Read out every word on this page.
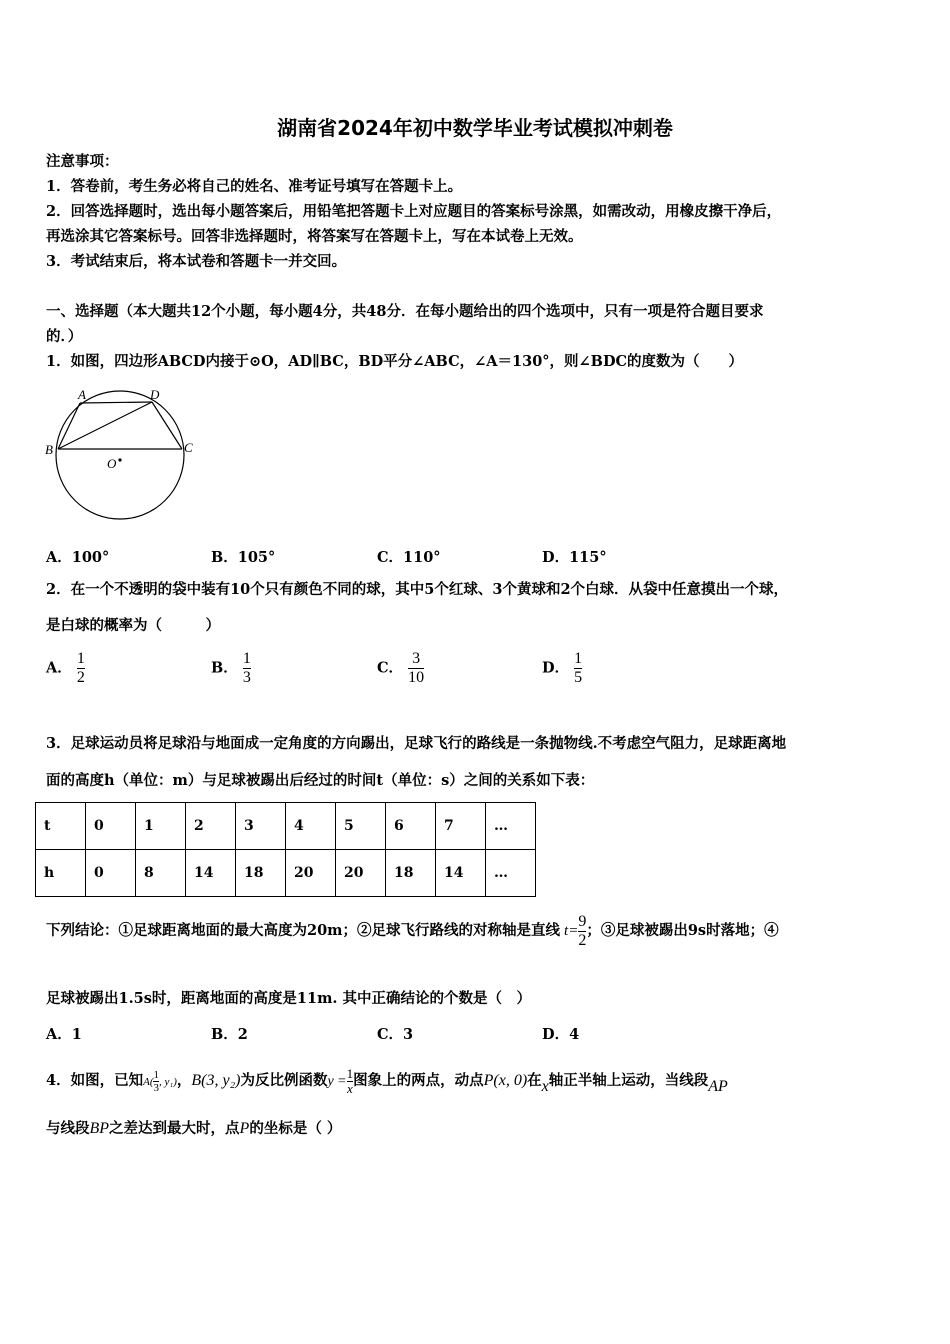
湖南省2024年初中数学毕业考试模拟冲刺卷
注意事项：
1．答卷前，考生务必将自己的姓名、准考证号填写在答题卡上。
2．回答选择题时，选出每小题答案后，用铅笔把答题卡上对应题目的答案标号涂黑，如需改动，用橡皮擦干净后，
再选涂其它答案标号。回答非选择题时，将答案写在答题卡上，写在本试卷上无效。
3．考试结束后，将本试卷和答题卡一并交回。
一、选择题（本大题共12个小题，每小题4分，共48分．在每小题给出的四个选项中，只有一项是符合题目要求
的．）
1．如图，四边形ABCD内接于⊙O，AD∥BC，BD平分∠ABC，∠A＝130°，则∠BDC的度数为（　　）
A	D
B	C
O
A．100°	B．105°	C．110°	D．115°
2．在一个不透明的袋中装有10个只有颜色不同的球，其中5个红球、3个黄球和2个白球．从袋中任意摸出一个球，
是白球的概率为（　　　）
A． $\frac{1}{2}$	B． $\frac{1}{3}$	C． $\frac{3}{10}$	D． $\frac{1}{5}$
3．足球运动员将足球沿与地面成一定角度的方向踢出，足球飞行的路线是一条抛物线.不考虑空气阻力，足球距离地
面的高度h（单位：m）与足球被踢出后经过的时间t（单位：s）之间的关系如下表：
t	0	1	2	3	4	5	6	7	…
h	0	8	14	18	20	20	18	14	…
下列结论：①足球距离地面的最大高度为20m；②足球飞行路线的对称轴是直线 $t= \frac{9}{2}$ ；③足球被踢出9s时落地；④
足球被踢出1.5s时，距离地面的高度是11m. 其中正确结论的个数是（　）
A．1	B．2	C．3	D．4
4．如图，已知$A( \frac{1}{3}$ , y₁)，B(3, y₂)为反比例函数$y = \frac{1}{x}$ 图象上的两点，动点P(x, 0)在x轴正半轴上运动，当线段AP
与线段BP之差达到最大时，点P的坐标是（ ）
